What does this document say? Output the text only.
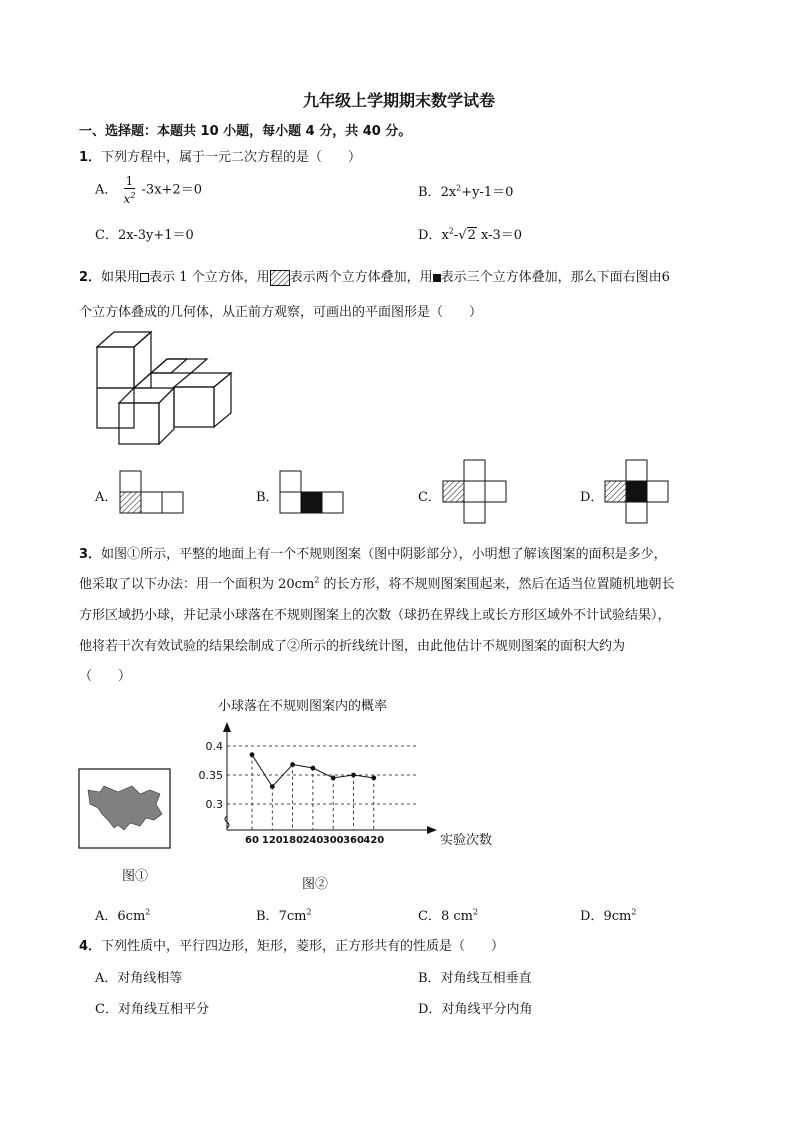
九年级上学期期末数学试卷
一、选择题：本题共 10 小题，每小题 4 分，共 40 分。
1．下列方程中，属于一元二次方程的是（　　）
A． $\frac{1}{x^2} -3x+2=0$	B．$2x^2+y-1=0$
C．2x-3y+1＝0	D．$x^2-√2$ x-3＝0
2．如果用 表示 1 个立方体，用 表示两个立方体叠加，用 表示三个立方体叠加，那么下面右图由6
个立方体叠成的几何体，从正前方观察，可画出的平面图形是（　　）
A．	B．	C．	D．
3．如图①所示，平整的地面上有一个不规则图案（图中阴影部分），小明想了解该图案的面积是多少，
他采取了以下办法：用一个面积为 $20cm^2$ 的长方形，将不规则图案围起来，然后在适当位置随机地朝长
方形区域扔小球，并记录小球落在不规则图案上的次数（球扔在界线上或长方形区域外不计试验结果），
他将若干次有效试验的结果绘制成了②所示的折线统计图，由此他估计不规则图案的面积大约为
（　　）
图①
小球落在不规则图案内的概率
0.3
0.35
0.4
60 120 180 240 300 360 420	实验次数
图②
A．$6cm^2$	B．$7cm^2$	C．8 $cm^2$	D．$9cm^2$
4．下列性质中，平行四边形，矩形，菱形，正方形共有的性质是（　　）
A．对角线相等	B．对角线互相垂直
C．对角线互相平分	D．对角线平分内角
